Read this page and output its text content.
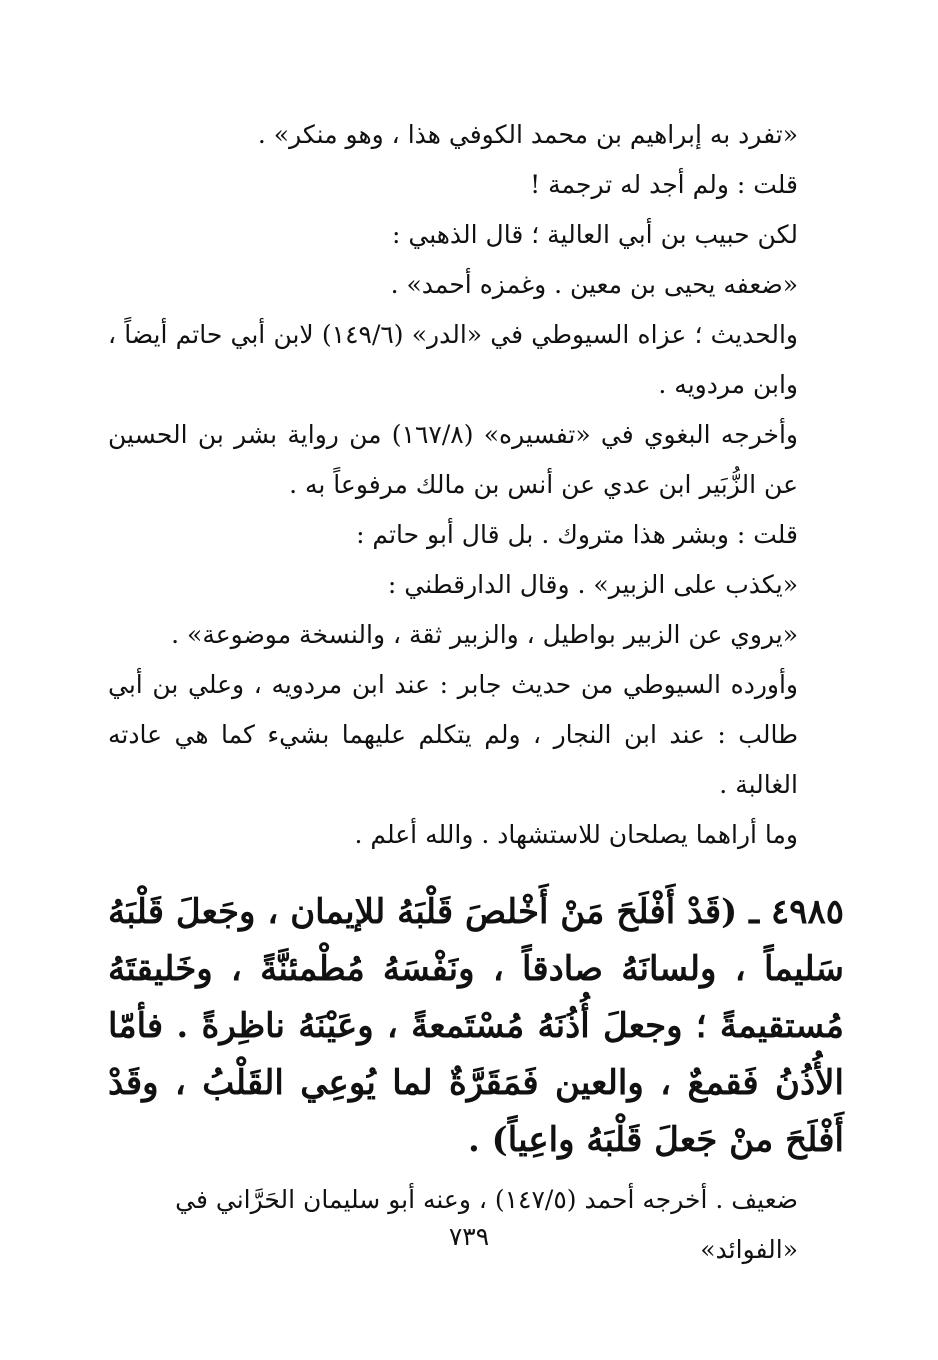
«تفرد به إبراهيم بن محمد الكوفي هذا ، وهو منكر» .

قلت : ولم أجد له ترجمة !

لكن حبيب بن أبي العالية ؛ قال الذهبي :

«ضعفه يحيى بن معين . وغمزه أحمد» .

والحديث ؛ عزاه السيوطي في «الدر» (١٤٩/٦) لابن أبي حاتم أيضاً ، وابن مردويه .

وأخرجه البغوي في «تفسيره» (١٦٧/٨) من رواية بشر بن الحسين عن الزُّبَير ابن عدي عن أنس بن مالك مرفوعاً به .

قلت : وبشر هذا متروك . بل قال أبو حاتم :

«يكذب على الزبير» . وقال الدارقطني :

«يروي عن الزبير بواطيل ، والزبير ثقة ، والنسخة موضوعة» .

وأورده السيوطي من حديث جابر : عند ابن مردويه ، وعلي بن أبي طالب : عند ابن النجار ، ولم يتكلم عليهما بشيء كما هي عادته الغالبة .

وما أراهما يصلحان للاستشهاد . والله أعلم .

٤٩٨٥ ـ (قَدْ أَفْلَحَ مَنْ أَخْلصَ قَلْبَهُ للإيمان ، وجَعلَ قَلْبَهُ سَليماً ، ولسانَهُ صادقاً ، ونَفْسَهُ مُطْمئنَّةً ، وخَليقتَهُ مُستقيمةً ؛ وجعلَ أُذُنَهُ مُسْتَمعةً ، وعَيْنَهُ ناظِرةً . فأمّا الأُذُنُ فَقمعٌ ، والعين فَمَقَرَّةٌ لما يُوعِي القَلْبُ ، وقَدْ أَفْلَحَ منْ جَعلَ قَلْبَهُ واعِياً) .

ضعيف . أخرجه أحمد (١٤٧/٥) ، وعنه أبو سليمان الحَرَّاني في «الفوائد»

٧٣٩
